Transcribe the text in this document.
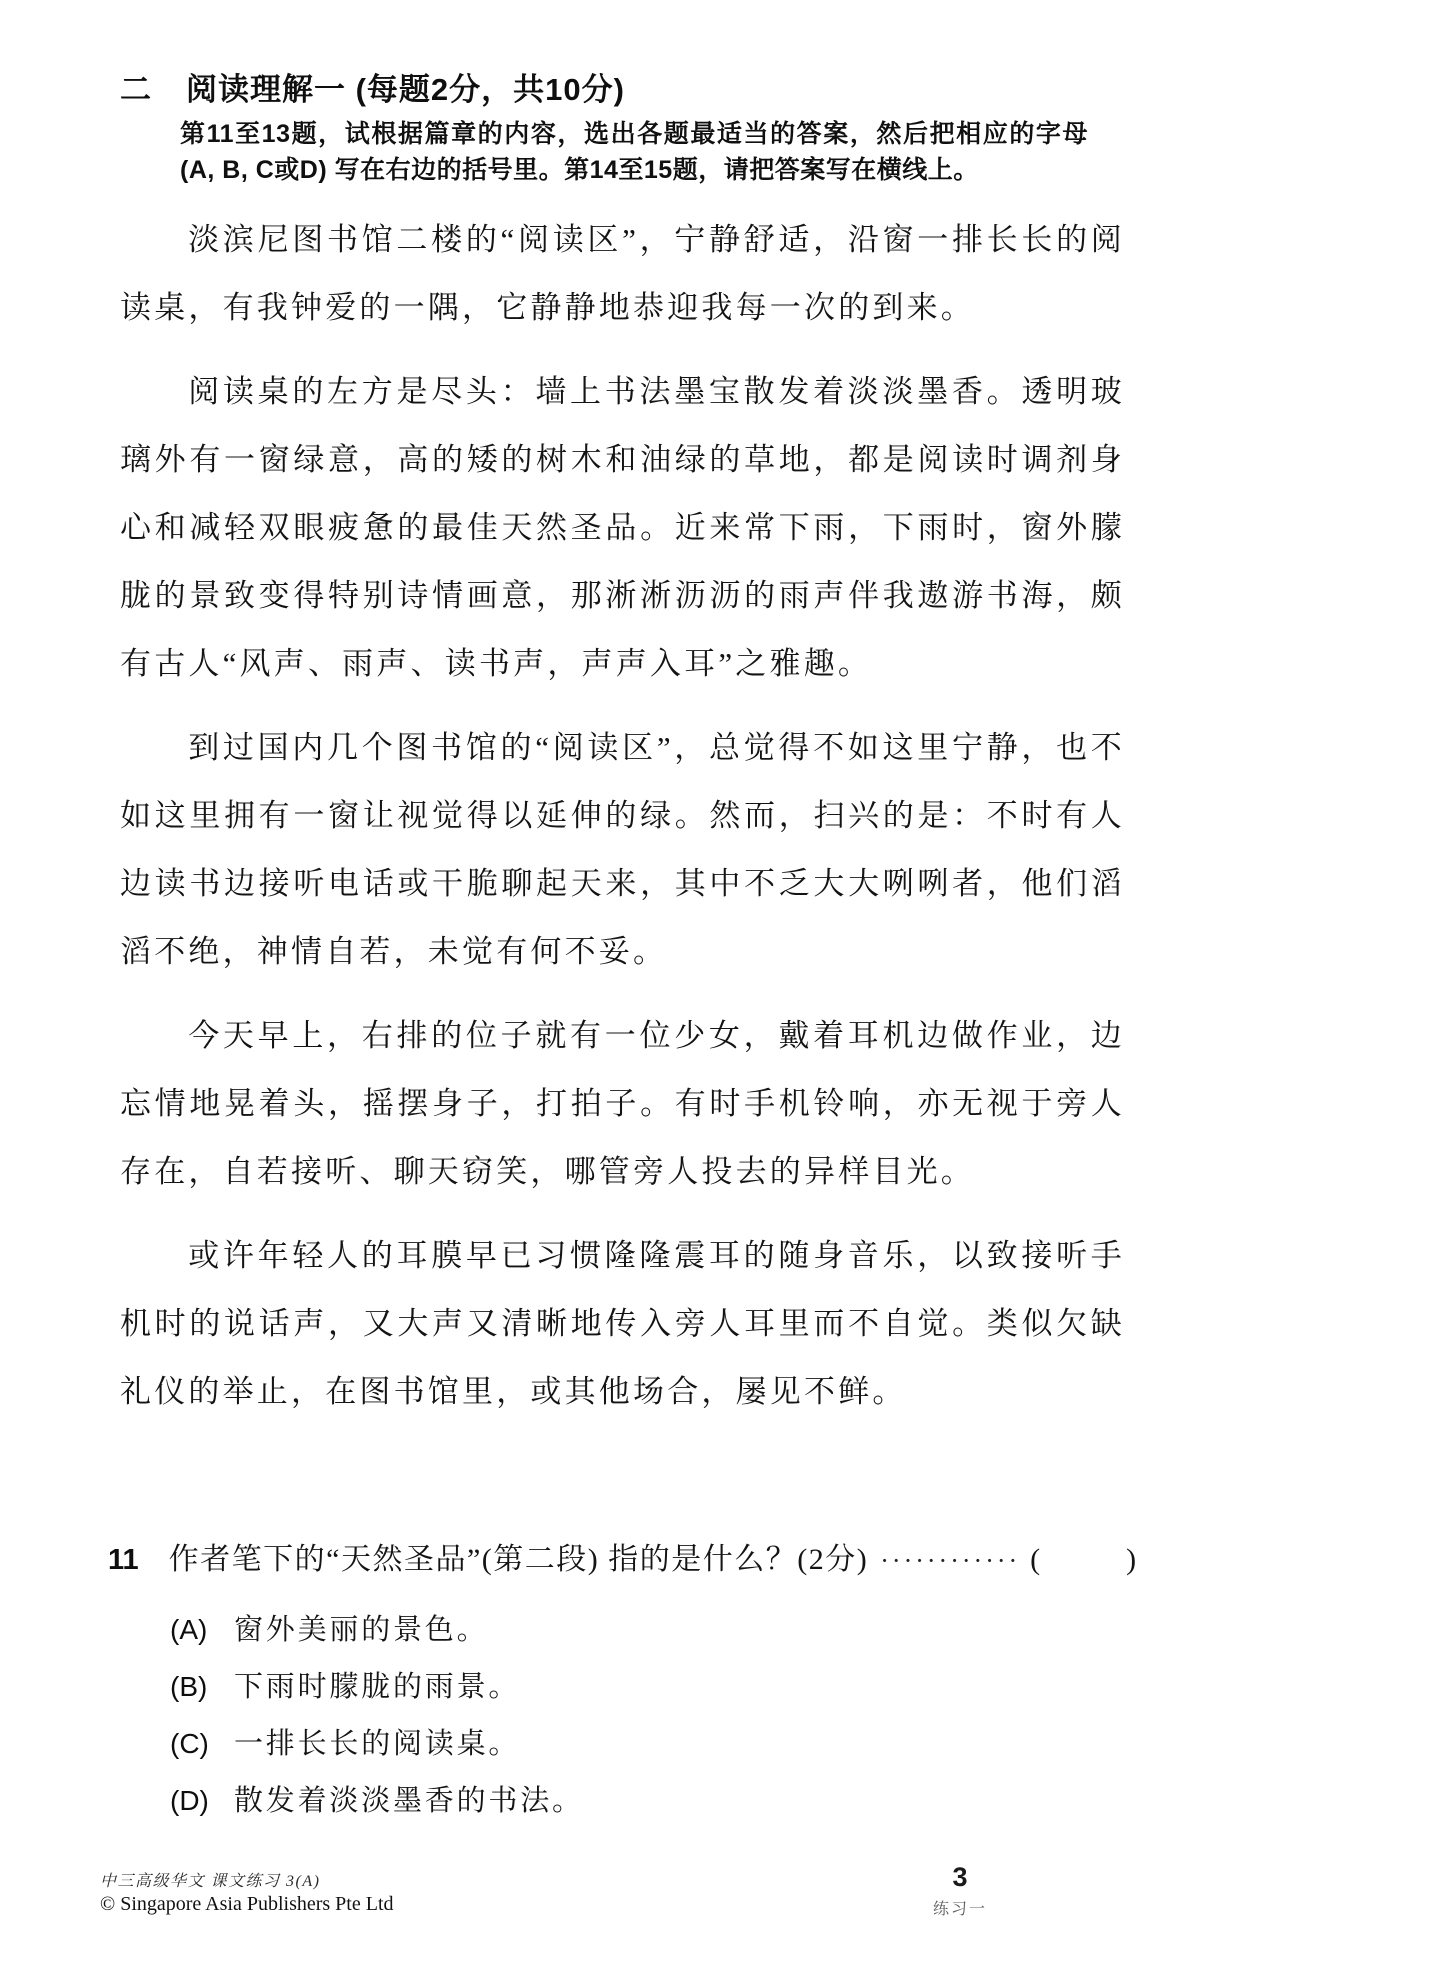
二 阅读理解一 (每题2分，共10分)

第11至13题，试根据篇章的内容，选出各题最适当的答案，然后把相应的字母 (A, B, C或D) 写在右边的括号里。第14至15题，请把答案写在横线上。

淡滨尼图书馆二楼的“阅读区”，宁静舒适，沿窗一排长长的阅读桌，有我钟爱的一隅，它静静地恭迎我每一次的到来。

阅读桌的左方是尽头：墙上书法墨宝散发着淡淡墨香。透明玻璃外有一窗绿意，高的矮的树木和油绿的草地，都是阅读时调剂身心和减轻双眼疲惫的最佳天然圣品。近来常下雨，下雨时，窗外朦胧的景致变得特别诗情画意，那淅淅沥沥的雨声伴我遨游书海，颇有古人“风声、雨声、读书声，声声入耳”之雅趣。

到过国内几个图书馆的“阅读区”，总觉得不如这里宁静，也不如这里拥有一窗让视觉得以延伸的绿。然而，扫兴的是：不时有人边读书边接听电话或干脆聊起天来，其中不乏大大咧咧者，他们滔滔不绝，神情自若，未觉有何不妥。

今天早上，右排的位子就有一位少女，戴着耳机边做作业，边忘情地晃着头，摇摆身子，打拍子。有时手机铃响，亦无视于旁人存在，自若接听、聊天窃笑，哪管旁人投去的异样目光。

或许年轻人的耳膜早已习惯隆隆震耳的随身音乐，以致接听手机时的说话声，又大声又清晰地传入旁人耳里而不自觉。类似欠缺礼仪的举止，在图书馆里，或其他场合，屡见不鲜。

11 作者笔下的“天然圣品”(第二段) 指的是什么？(2分) ············ (	)
(A) 窗外美丽的景色。
(B) 下雨时朦胧的雨景。
(C) 一排长长的阅读桌。
(D) 散发着淡淡墨香的书法。
中三高级华文 课文练习 3(A)
© Singapore Asia Publishers Pte Ltd
3
练习一
